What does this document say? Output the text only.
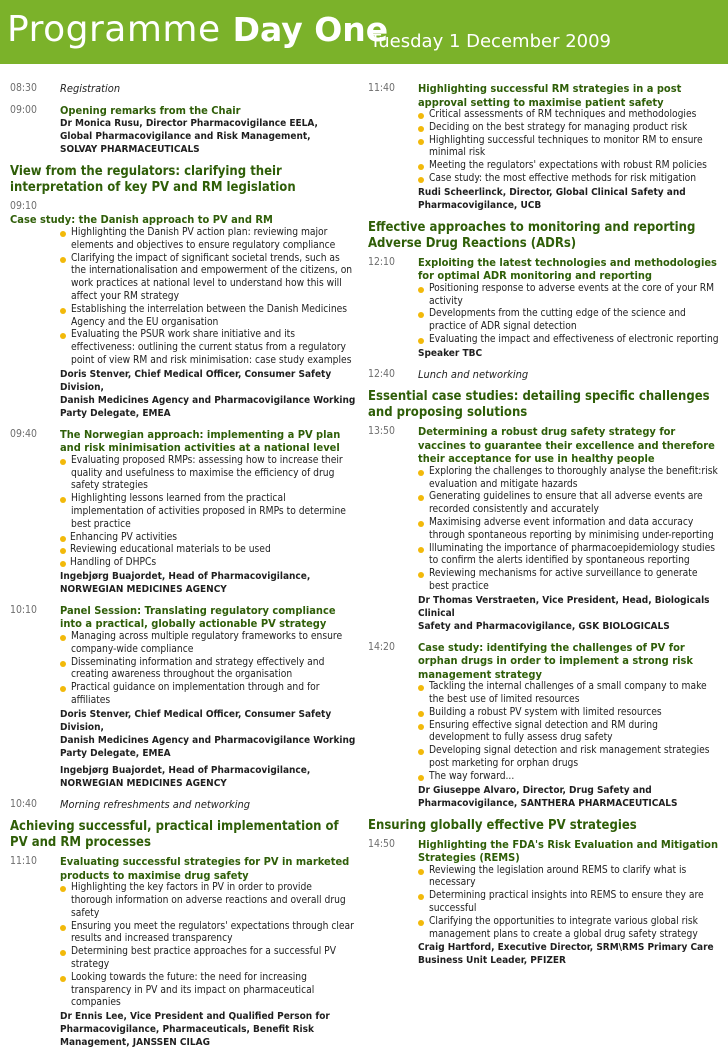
Programme Day One
Tuesday 1 December 2009
08:30 Registration
09:00 Opening remarks from the Chair
Dr Monica Rusu, Director Pharmacovigilance EELA,
Global Pharmacovigilance and Risk Management,
SOLVAY PHARMACEUTICALS
View from the regulators: clarifying their interpretation of key PV and RM legislation
09:10
Case study: the Danish approach to PV and RM
Highlighting the Danish PV action plan: reviewing major elements and objectives to ensure regulatory compliance
Clarifying the impact of significant societal trends, such as the internationalisation and empowerment of the citizens, on work practices at national level to understand how this will affect your RM strategy
Establishing the interrelation between the Danish Medicines Agency and the EU organisation
Evaluating the PSUR work share initiative and its effectiveness: outlining the current status from a regulatory point of view RM and risk minimisation: case study examples
Doris Stenver, Chief Medical Officer, Consumer Safety Division,
Danish Medicines Agency and Pharmacovigilance Working
Party Delegate, EMEA
09:40 The Norwegian approach: implementing a PV plan and risk minimisation activities at a national level
Evaluating proposed RMPs: assessing how to increase their quality and usefulness to maximise the efficiency of drug safety strategies
Highlighting lessons learned from the practical implementation of activities proposed in RMPs to determine best practice
Enhancing PV activities
Reviewing educational materials to be used
Handling of DHPCs
Ingebjørg Buajordet, Head of Pharmacovigilance,
NORWEGIAN MEDICINES AGENCY
10:10 Panel Session: Translating regulatory compliance into a practical, globally actionable PV strategy
Managing across multiple regulatory frameworks to ensure company-wide compliance
Disseminating information and strategy effectively and creating awareness throughout the organisation
Practical guidance on implementation through and for affiliates
Doris Stenver, Chief Medical Officer, Consumer Safety Division,
Danish Medicines Agency and Pharmacovigilance Working
Party Delegate, EMEA
Ingebjørg Buajordet, Head of Pharmacovigilance,
NORWEGIAN MEDICINES AGENCY
10:40 Morning refreshments and networking
Achieving successful, practical implementation of PV and RM processes
11:10 Evaluating successful strategies for PV in marketed products to maximise drug safety
Highlighting the key factors in PV in order to provide thorough information on adverse reactions and overall drug safety
Ensuring you meet the regulators' expectations through clear results and increased transparency
Determining best practice approaches for a successful PV strategy
Looking towards the future: the need for increasing transparency in PV and its impact on pharmaceutical companies
Dr Ennis Lee, Vice President and Qualified Person for
Pharmacovigilance, Pharmaceuticals, Benefit Risk
Management, JANSSEN CILAG
11:40 Highlighting successful RM strategies in a post approval setting to maximise patient safety
Critical assessments of RM techniques and methodologies
Deciding on the best strategy for managing product risk
Highlighting successful techniques to monitor RM to ensure minimal risk
Meeting the regulators' expectations with robust RM policies
Case study: the most effective methods for risk mitigation
Rudi Scheerlinck, Director, Global Clinical Safety and
Pharmacovigilance, UCB
Effective approaches to monitoring and reporting Adverse Drug Reactions (ADRs)
12:10 Exploiting the latest technologies and methodologies for optimal ADR monitoring and reporting
Positioning response to adverse events at the core of your RM activity
Developments from the cutting edge of the science and practice of ADR signal detection
Evaluating the impact and effectiveness of electronic reporting
Speaker TBC
12:40 Lunch and networking
Essential case studies: detailing specific challenges and proposing solutions
13:50 Determining a robust drug safety strategy for vaccines to guarantee their excellence and therefore their acceptance for use in healthy people
Exploring the challenges to thoroughly analyse the benefit:risk evaluation and mitigate hazards
Generating guidelines to ensure that all adverse events are recorded consistently and accurately
Maximising adverse event information and data accuracy through spontaneous reporting by minimising under-reporting
Illuminating the importance of pharmacoepidemiology studies to confirm the alerts identified by spontaneous reporting
Reviewing mechanisms for active surveillance to generate best practice
Dr Thomas Verstraeten, Vice President, Head, Biologicals Clinical
Safety and Pharmacovigilance, GSK BIOLOGICALS
14:20 Case study: identifying the challenges of PV for orphan drugs in order to implement a strong risk management strategy
Tackling the internal challenges of a small company to make the best use of limited resources
Building a robust PV system with limited resources
Ensuring effective signal detection and RM during development to fully assess drug safety
Developing signal detection and risk management strategies post marketing for orphan drugs
The way forward...
Dr Giuseppe Alvaro, Director, Drug Safety and
Pharmacovigilance, SANTHERA PHARMACEUTICALS
Ensuring globally effective PV strategies
14:50 Highlighting the FDA's Risk Evaluation and Mitigation Strategies (REMS)
Reviewing the legislation around REMS to clarify what is necessary
Determining practical insights into REMS to ensure they are successful
Clarifying the opportunities to integrate various global risk management plans to create a global drug safety strategy
Craig Hartford, Executive Director, SRM\RMS Primary Care
Business Unit Leader, PFIZER
